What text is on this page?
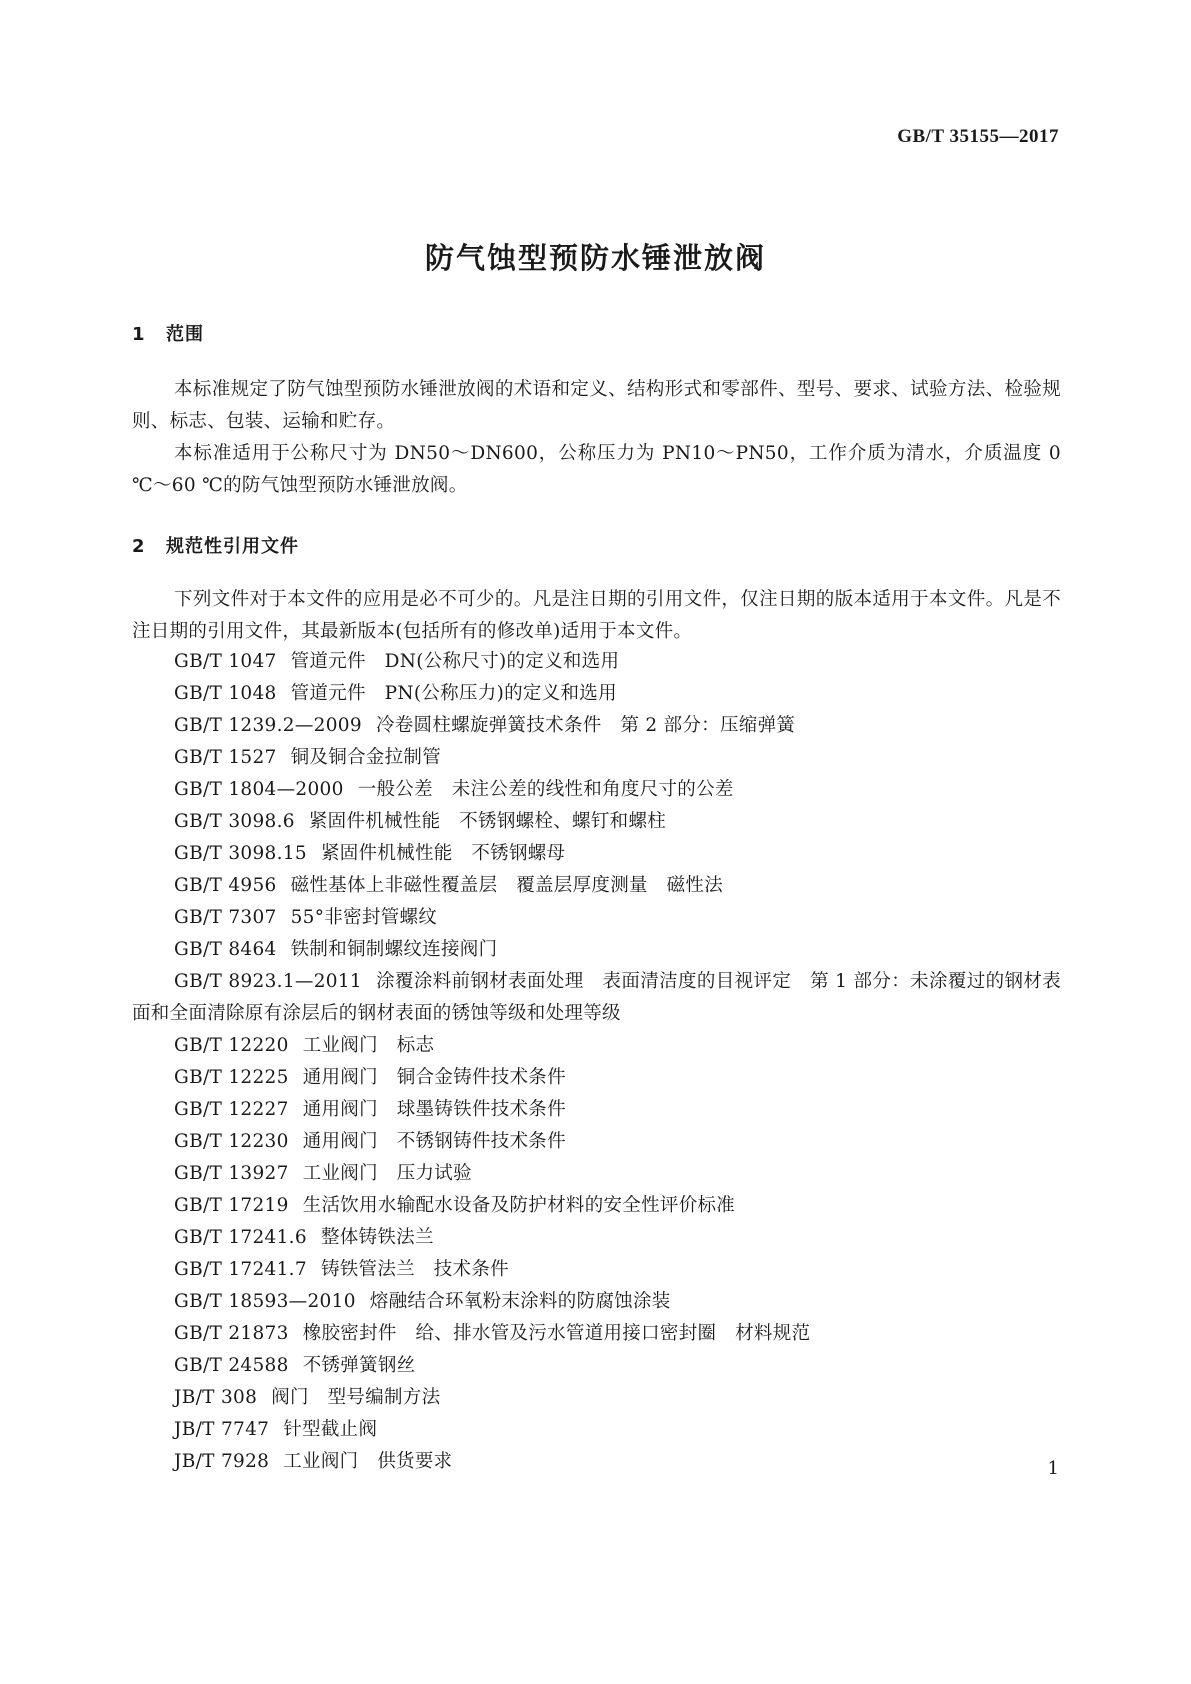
GB/T 35155—2017
防气蚀型预防水锤泄放阀
1 范围

本标准规定了防气蚀型预防水锤泄放阀的术语和定义、结构形式和零部件、型号、要求、试验方法、检验规则、标志、包装、运输和贮存。

本标准适用于公称尺寸为 DN50～DN600，公称压力为 PN10～PN50，工作介质为清水，介质温度 0 ℃～60 ℃的防气蚀型预防水锤泄放阀。

2 规范性引用文件

下列文件对于本文件的应用是必不可少的。凡是注日期的引用文件，仅注日期的版本适用于本文件。凡是不注日期的引用文件，其最新版本(包括所有的修改单)适用于本文件。

GB/T 1047 管道元件　DN(公称尺寸)的定义和选用

GB/T 1048 管道元件　PN(公称压力)的定义和选用

GB/T 1239.2—2009 冷卷圆柱螺旋弹簧技术条件　第 2 部分：压缩弹簧

GB/T 1527 铜及铜合金拉制管

GB/T 1804—2000 一般公差　未注公差的线性和角度尺寸的公差

GB/T 3098.6 紧固件机械性能　不锈钢螺栓、螺钉和螺柱

GB/T 3098.15 紧固件机械性能　不锈钢螺母

GB/T 4956 磁性基体上非磁性覆盖层　覆盖层厚度测量　磁性法

GB/T 7307 55°非密封管螺纹

GB/T 8464 铁制和铜制螺纹连接阀门

GB/T 8923.1—2011 涂覆涂料前钢材表面处理　表面清洁度的目视评定　第 1 部分：未涂覆过的钢材表面和全面清除原有涂层后的钢材表面的锈蚀等级和处理等级

GB/T 12220 工业阀门　标志

GB/T 12225 通用阀门　铜合金铸件技术条件

GB/T 12227 通用阀门　球墨铸铁件技术条件

GB/T 12230 通用阀门　不锈钢铸件技术条件

GB/T 13927 工业阀门　压力试验

GB/T 17219 生活饮用水输配水设备及防护材料的安全性评价标准

GB/T 17241.6 整体铸铁法兰

GB/T 17241.7 铸铁管法兰　技术条件

GB/T 18593—2010 熔融结合环氧粉末涂料的防腐蚀涂装

GB/T 21873 橡胶密封件　给、排水管及污水管道用接口密封圈　材料规范

GB/T 24588 不锈弹簧钢丝

JB/T 308 阀门　型号编制方法

JB/T 7747 针型截止阀

JB/T 7928 工业阀门　供货要求	1
